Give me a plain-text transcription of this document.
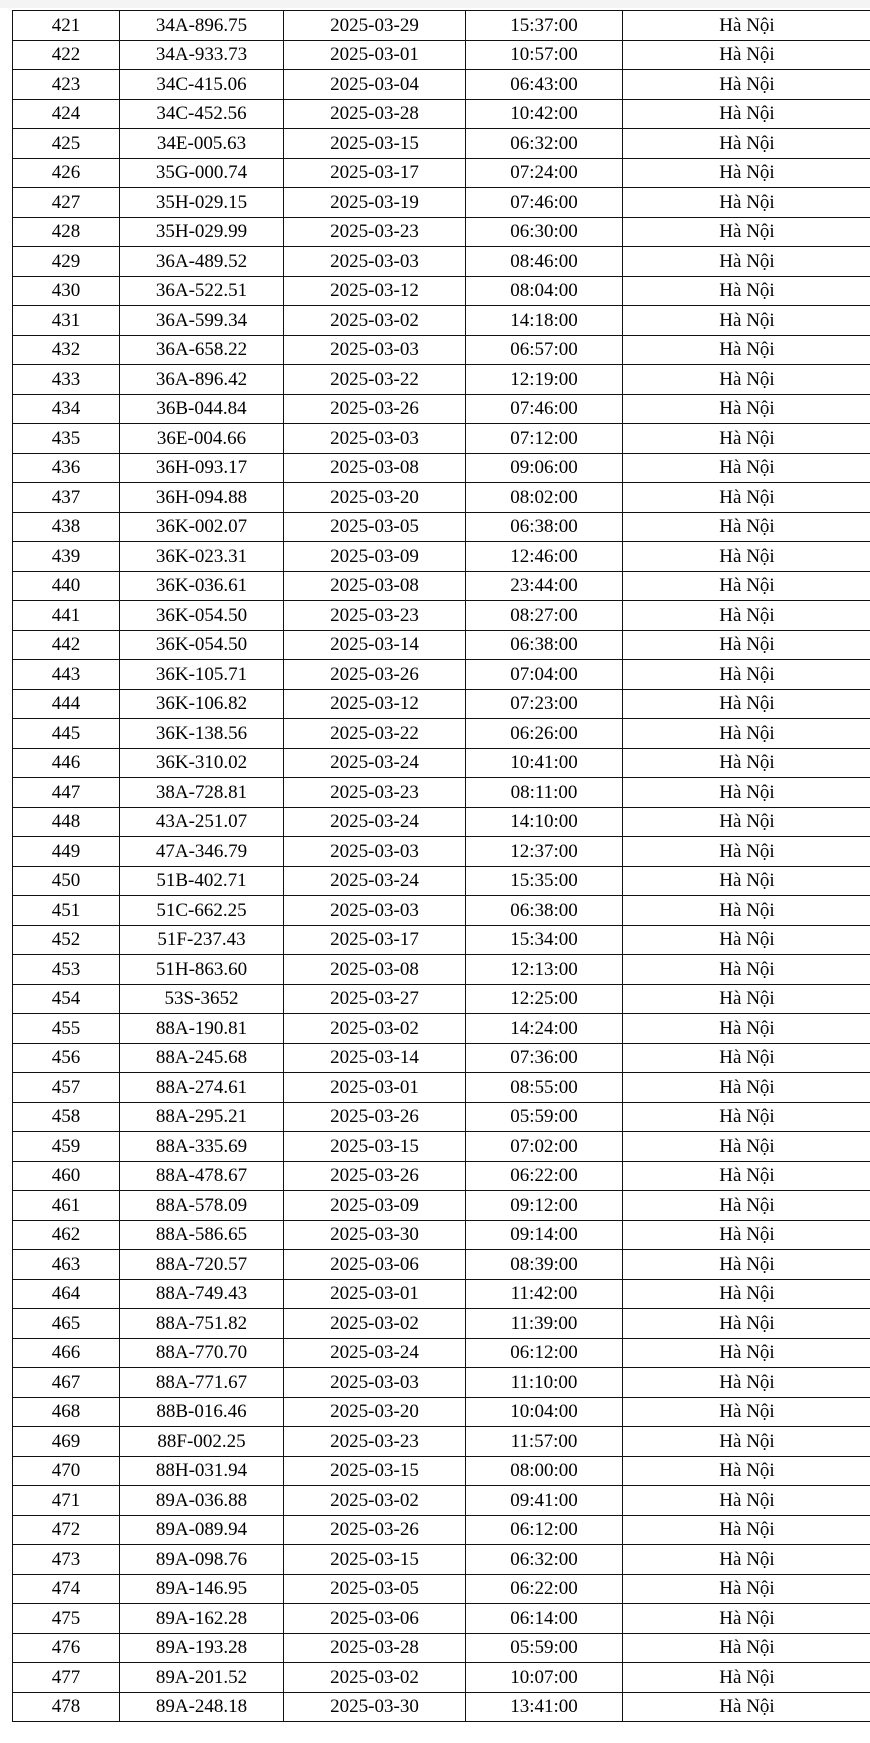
421	34A-896.75	2025-03-29	15:37:00	Hà Nội
422	34A-933.73	2025-03-01	10:57:00	Hà Nội
423	34C-415.06	2025-03-04	06:43:00	Hà Nội
424	34C-452.56	2025-03-28	10:42:00	Hà Nội
425	34E-005.63	2025-03-15	06:32:00	Hà Nội
426	35G-000.74	2025-03-17	07:24:00	Hà Nội
427	35H-029.15	2025-03-19	07:46:00	Hà Nội
428	35H-029.99	2025-03-23	06:30:00	Hà Nội
429	36A-489.52	2025-03-03	08:46:00	Hà Nội
430	36A-522.51	2025-03-12	08:04:00	Hà Nội
431	36A-599.34	2025-03-02	14:18:00	Hà Nội
432	36A-658.22	2025-03-03	06:57:00	Hà Nội
433	36A-896.42	2025-03-22	12:19:00	Hà Nội
434	36B-044.84	2025-03-26	07:46:00	Hà Nội
435	36E-004.66	2025-03-03	07:12:00	Hà Nội
436	36H-093.17	2025-03-08	09:06:00	Hà Nội
437	36H-094.88	2025-03-20	08:02:00	Hà Nội
438	36K-002.07	2025-03-05	06:38:00	Hà Nội
439	36K-023.31	2025-03-09	12:46:00	Hà Nội
440	36K-036.61	2025-03-08	23:44:00	Hà Nội
441	36K-054.50	2025-03-23	08:27:00	Hà Nội
442	36K-054.50	2025-03-14	06:38:00	Hà Nội
443	36K-105.71	2025-03-26	07:04:00	Hà Nội
444	36K-106.82	2025-03-12	07:23:00	Hà Nội
445	36K-138.56	2025-03-22	06:26:00	Hà Nội
446	36K-310.02	2025-03-24	10:41:00	Hà Nội
447	38A-728.81	2025-03-23	08:11:00	Hà Nội
448	43A-251.07	2025-03-24	14:10:00	Hà Nội
449	47A-346.79	2025-03-03	12:37:00	Hà Nội
450	51B-402.71	2025-03-24	15:35:00	Hà Nội
451	51C-662.25	2025-03-03	06:38:00	Hà Nội
452	51F-237.43	2025-03-17	15:34:00	Hà Nội
453	51H-863.60	2025-03-08	12:13:00	Hà Nội
454	53S-3652	2025-03-27	12:25:00	Hà Nội
455	88A-190.81	2025-03-02	14:24:00	Hà Nội
456	88A-245.68	2025-03-14	07:36:00	Hà Nội
457	88A-274.61	2025-03-01	08:55:00	Hà Nội
458	88A-295.21	2025-03-26	05:59:00	Hà Nội
459	88A-335.69	2025-03-15	07:02:00	Hà Nội
460	88A-478.67	2025-03-26	06:22:00	Hà Nội
461	88A-578.09	2025-03-09	09:12:00	Hà Nội
462	88A-586.65	2025-03-30	09:14:00	Hà Nội
463	88A-720.57	2025-03-06	08:39:00	Hà Nội
464	88A-749.43	2025-03-01	11:42:00	Hà Nội
465	88A-751.82	2025-03-02	11:39:00	Hà Nội
466	88A-770.70	2025-03-24	06:12:00	Hà Nội
467	88A-771.67	2025-03-03	11:10:00	Hà Nội
468	88B-016.46	2025-03-20	10:04:00	Hà Nội
469	88F-002.25	2025-03-23	11:57:00	Hà Nội
470	88H-031.94	2025-03-15	08:00:00	Hà Nội
471	89A-036.88	2025-03-02	09:41:00	Hà Nội
472	89A-089.94	2025-03-26	06:12:00	Hà Nội
473	89A-098.76	2025-03-15	06:32:00	Hà Nội
474	89A-146.95	2025-03-05	06:22:00	Hà Nội
475	89A-162.28	2025-03-06	06:14:00	Hà Nội
476	89A-193.28	2025-03-28	05:59:00	Hà Nội
477	89A-201.52	2025-03-02	10:07:00	Hà Nội
478	89A-248.18	2025-03-30	13:41:00	Hà Nội
